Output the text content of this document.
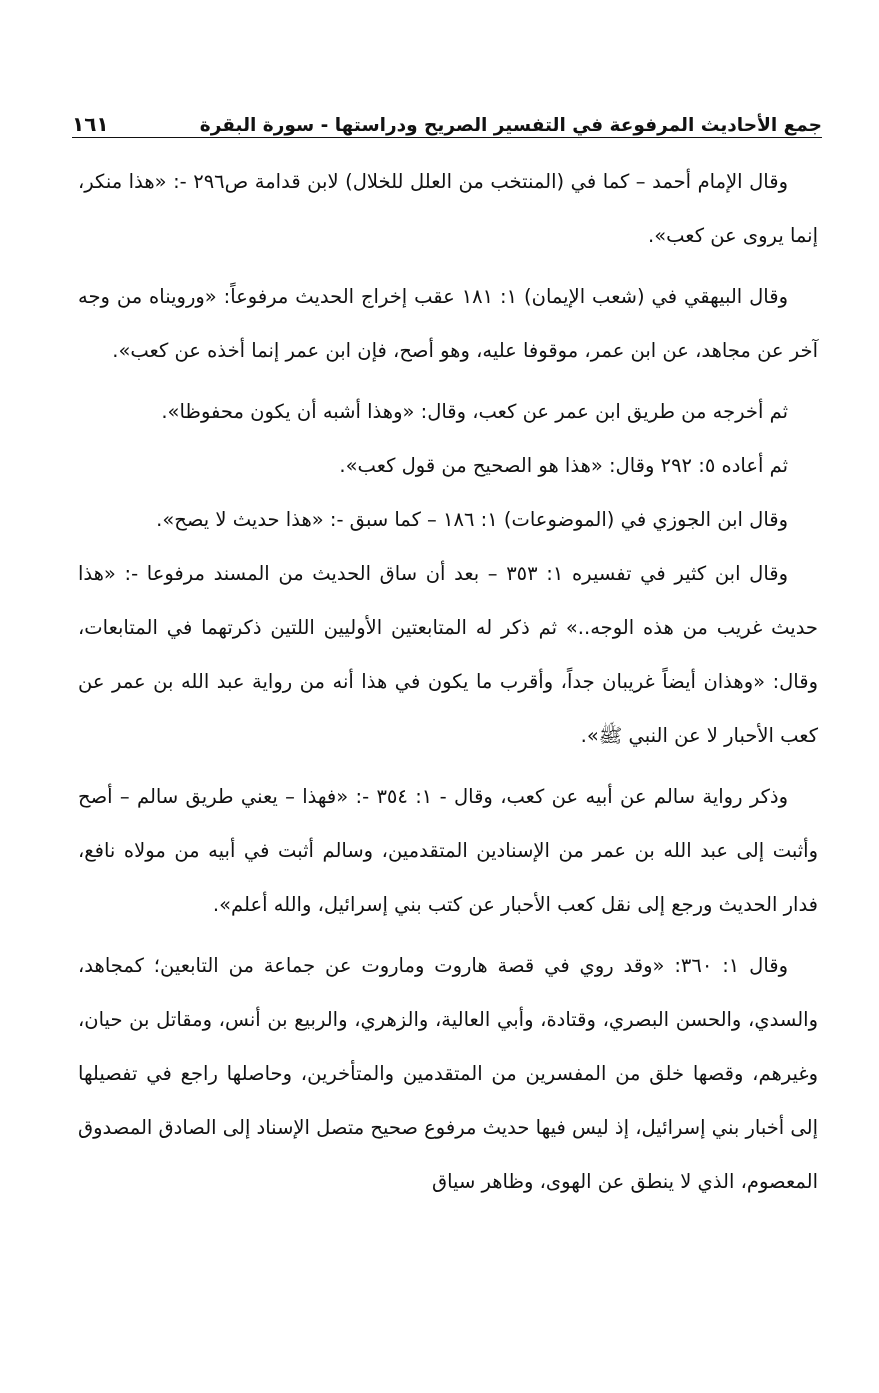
جمع الأحاديث المرفوعة في التفسير الصريح ودراستها - سورة البقرة
١٦١

وقال الإمام أحمد – كما في (المنتخب من العلل للخلال) لابن قدامة ص٢٩٦ -: «هذا منكر، إنما يروى عن كعب».

وقال البيهقي في (شعب الإيمان) ١: ١٨١ عقب إخراج الحديث مرفوعاً: «ورويناه من وجه آخر عن مجاهد، عن ابن عمر، موقوفا عليه، وهو أصح، فإن ابن عمر إنما أخذه عن كعب».

ثم أخرجه من طريق ابن عمر عن كعب، وقال: «وهذا أشبه أن يكون محفوظا».

ثم أعاده ٥: ٢٩٢ وقال: «هذا هو الصحيح من قول كعب».

وقال ابن الجوزي في (الموضوعات) ١: ١٨٦ – كما سبق -: «هذا حديث لا يصح».

وقال ابن كثير في تفسيره ١: ٣٥٣ – بعد أن ساق الحديث من المسند مرفوعا -: «هذا حديث غريب من هذه الوجه..» ثم ذكر له المتابعتين الأوليين اللتين ذكرتهما في المتابعات، وقال: «وهذان أيضاً غريبان جداً، وأقرب ما يكون في هذا أنه من رواية عبد الله بن عمر عن كعب الأحبار لا عن النبي ﷺ».

وذكر رواية سالم عن أبيه عن كعب، وقال - ١: ٣٥٤ -: «فهذا – يعني طريق سالم – أصح وأثبت إلى عبد الله بن عمر من الإسنادين المتقدمين، وسالم أثبت في أبيه من مولاه نافع، فدار الحديث ورجع إلى نقل كعب الأحبار عن كتب بني إسرائيل، والله أعلم».

وقال ١: ٣٦٠: «وقد روي في قصة هاروت وماروت عن جماعة من التابعين؛ كمجاهد، والسدي، والحسن البصري، وقتادة، وأبي العالية، والزهري، والربيع بن أنس، ومقاتل بن حيان، وغيرهم، وقصها خلق من المفسرين من المتقدمين والمتأخرين، وحاصلها راجع في تفصيلها إلى أخبار بني إسرائيل، إذ ليس فيها حديث مرفوع صحيح متصل الإسناد إلى الصادق المصدوق المعصوم، الذي لا ينطق عن الهوى، وظاهر سياق
